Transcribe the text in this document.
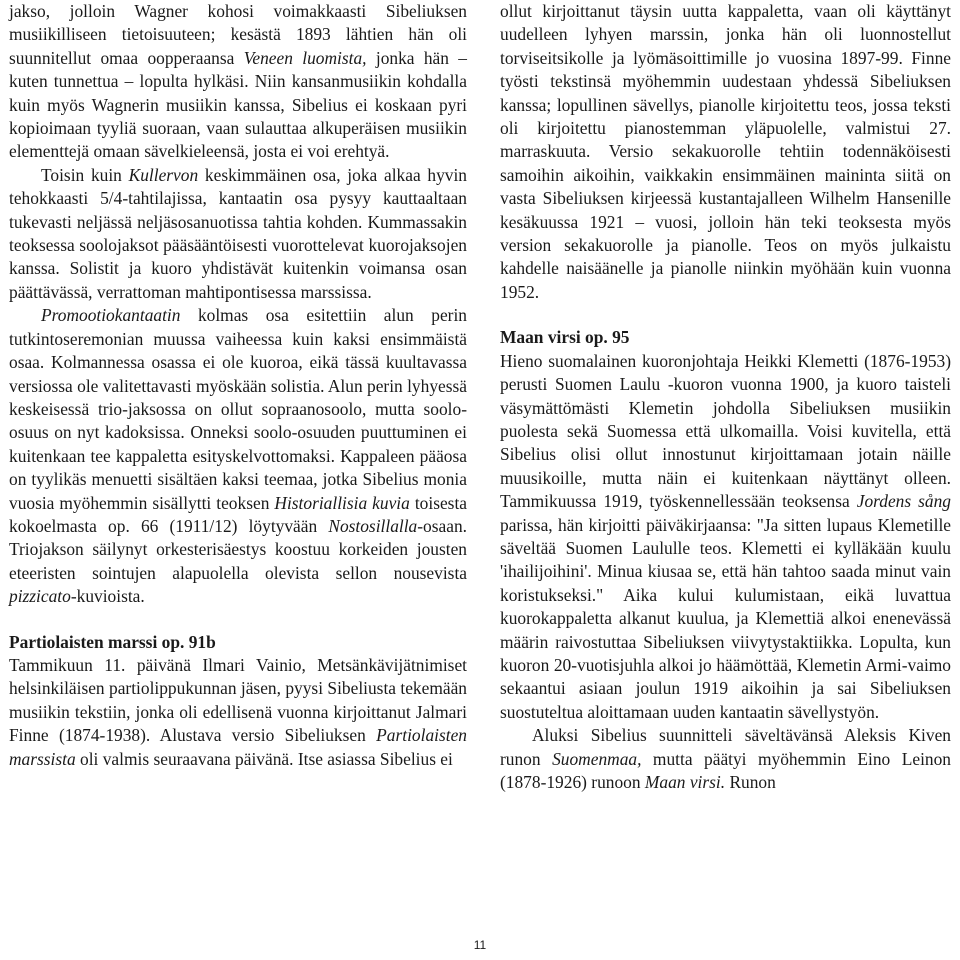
jakso, jolloin Wagner kohosi voimakkaasti Sibeliuksen musiikilliseen tietoisuuteen; kesästä 1893 lähtien hän oli suunnitellut omaa oopperaansa Veneen luomista, jonka hän – kuten tunnettua – lopulta hylkäsi. Niin kansanmusiikin kohdalla kuin myös Wagnerin musiikin kanssa, Sibelius ei koskaan pyri kopioimaan tyyliä suoraan, vaan sulauttaa alkuperäisen musiikin elementtejä omaan sävelkieleensä, josta ei voi erehtyä.

Toisin kuin Kullervon keskimmäinen osa, joka alkaa hyvin tehokkaasti 5/4-tahtilajissa, kantaatin osa pysyy kauttaaltaan tukevasti neljässä neljäsosanuotissa tahtia kohden. Kummassakin teoksessa soolojaksot pääsääntöisesti vuorottelevat kuorojaksojen kanssa. Solistit ja kuoro yhdistävät kuitenkin voimansa osan päättävässä, verrattoman mahtipontisessa marssissa.

Promootiokantaatin kolmas osa esitettiin alun perin tutkintoseremonian muussa vaiheessa kuin kaksi ensimmäistä osaa. Kolmannessa osassa ei ole kuoroa, eikä tässä kuultavassa versiossa ole valitettavasti myöskään solistia. Alun perin lyhyessä keskeisessä trio-jaksossa on ollut sopraanosoolo, mutta soolo-osuus on nyt kadoksissa. Onneksi soolo-osuuden puuttuminen ei kuitenkaan tee kappaletta esityskelvottomaksi. Kappaleen pääosa on tyylikäs menuetti sisältäen kaksi teemaa, jotka Sibelius monia vuosia myöhemmin sisällytti teoksen Historiallisia kuvia toisesta kokoelmasta op. 66 (1911/12) löytyvään Nostosillalla-osaan. Triojakson säilynyt orkesterisäestys koostuu korkeiden jousten eteeristen sointujen alapuolella olevista sellon nousevista pizzicato-kuvioista.

Partiolaisten marssi op. 91b

Tammikuun 11. päivänä Ilmari Vainio, Metsänkävijätnimiset helsinkiläisen partiolippukunnan jäsen, pyysi Sibeliusta tekemään musiikin tekstiin, jonka oli edellisenä vuonna kirjoittanut Jalmari Finne (1874-1938). Alustava versio Sibeliuksen Partiolaisten marssista oli valmis seuraavana päivänä. Itse asiassa Sibelius ei

ollut kirjoittanut täysin uutta kappaletta, vaan oli käyttänyt uudelleen lyhyen marssin, jonka hän oli luonnostellut torviseitsikolle ja lyömäsoittimille jo vuosina 1897-99. Finne työsti tekstinsä myöhemmin uudestaan yhdessä Sibeliuksen kanssa; lopullinen sävellys, pianolle kirjoitettu teos, jossa teksti oli kirjoitettu pianostemman yläpuolelle, valmistui 27. marraskuuta. Versio sekakuorolle tehtiin todennäköisesti samoihin aikoihin, vaikkakin ensimmäinen maininta siitä on vasta Sibeliuksen kirjeessä kustantajalleen Wilhelm Hansenille kesäkuussa 1921 – vuosi, jolloin hän teki teoksesta myös version sekakuorolle ja pianolle. Teos on myös julkaistu kahdelle naisäänelle ja pianolle niinkin myöhään kuin vuonna 1952.

Maan virsi op. 95

Hieno suomalainen kuoronjohtaja Heikki Klemetti (1876-1953) perusti Suomen Laulu -kuoron vuonna 1900, ja kuoro taisteli väsymättömästi Klemetin johdolla Sibeliuksen musiikin puolesta sekä Suomessa että ulkomailla. Voisi kuvitella, että Sibelius olisi ollut innostunut kirjoittamaan jotain näille muusikoille, mutta näin ei kuitenkaan näyttänyt olleen. Tammikuussa 1919, työskennellessään teoksensa Jordens sång parissa, hän kirjoitti päiväkirjaansa: "Ja sitten lupaus Klemetille säveltää Suomen Laululle teos. Klemetti ei kylläkään kuulu 'ihailijoihini'. Minua kiusaa se, että hän tahtoo saada minut vain koristukseksi." Aika kului kulumistaan, eikä luvattua kuorokappaletta alkanut kuulua, ja Klemettiä alkoi enenevässä määrin raivostuttaa Sibeliuksen viivytystaktiikka. Lopulta, kun kuoron 20-vuotisjuhla alkoi jo häämöttää, Klemetin Armi-vaimo sekaantui asiaan joulun 1919 aikoihin ja sai Sibeliuksen suostuteltua aloittamaan uuden kantaatin sävellystyön.

Aluksi Sibelius suunnitteli säveltävänsä Aleksis Kiven runon Suomenmaa, mutta päätyi myöhemmin Eino Leinon (1878-1926) runoon Maan virsi. Runon

11
